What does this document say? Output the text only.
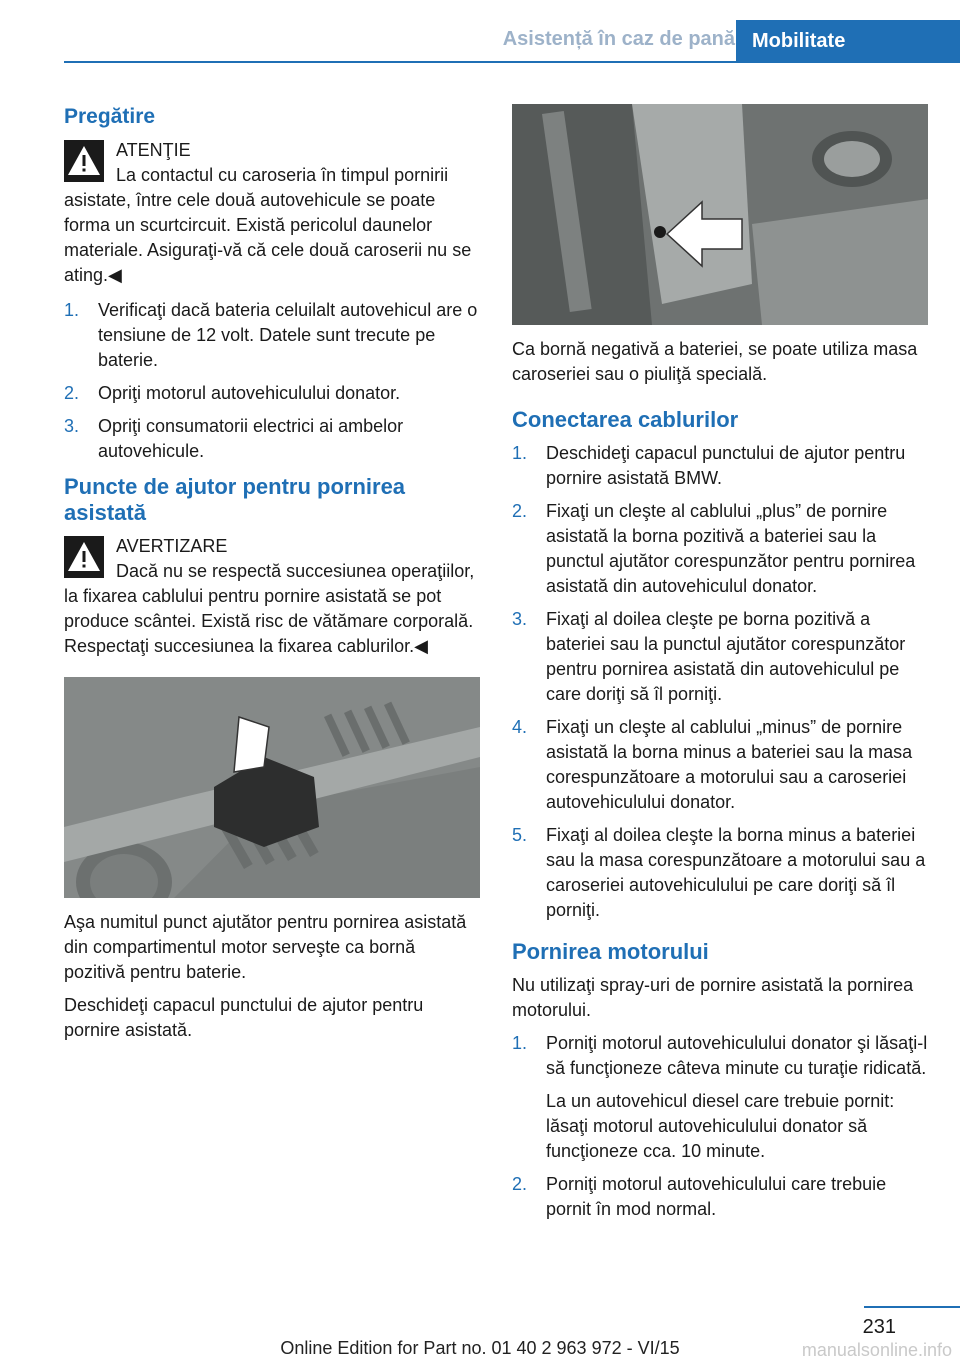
Asistență în caz de pană Mobilitate
Pregătire
ATENŢIE
La contactul cu caroseria în timpul pornirii asistate, între cele două autovehicule se poate forma un scurtcircuit. Există pericolul daunelor materiale. Asiguraţi-vă că cele două caroserii nu se ating.◀
1. Verificaţi dacă bateria celuilalt autovehicul are o tensiune de 12 volt. Datele sunt trecute pe baterie.
2. Opriţi motorul autovehiculului donator.
3. Opriţi consumatorii electrici ai ambelor autovehicule.
Puncte de ajutor pentru pornirea asistată
AVERTIZARE
Dacă nu se respectă succesiunea operaţiilor, la fixarea cablului pentru pornire asistată se pot produce scântei. Există risc de vătămare corporală. Respectaţi succesiunea la fixarea cablurilor.◀

Aşa numitul punct ajutător pentru pornirea asistată din compartimentul motor serveşte ca bornă pozitivă pentru baterie.

Deschideţi capacul punctului de ajutor pentru pornire asistată.

Ca bornă negativă a bateriei, se poate utiliza masa caroseriei sau o piuliţă specială.

Conectarea cablurilor
1. Deschideţi capacul punctului de ajutor pentru pornire asistată BMW.
2. Fixaţi un cleşte al cablului „plus” de pornire asistată la borna pozitivă a bateriei sau la punctul ajutător corespunzător pentru pornirea asistată din autovehiculul donator.
3. Fixaţi al doilea cleşte pe borna pozitivă a bateriei sau la punctul ajutător corespunzător pentru pornirea asistată din autovehiculul pe care doriţi să îl porniţi.
4. Fixaţi un cleşte al cablului „minus” de pornire asistată la borna minus a bateriei sau la masa corespunzătoare a motorului sau a caroseriei autovehiculului donator.
5. Fixaţi al doilea cleşte la borna minus a bateriei sau la masa corespunzătoare a motorului sau a caroseriei autovehiculului pe care doriţi să îl porniţi.
Pornirea motorului

Nu utilizaţi spray-uri de pornire asistată la pornirea motorului.

1. Porniţi motorul autovehiculului donator şi lăsaţi-l să funcţioneze câteva minute cu turaţie ridicată.
La un autovehicul diesel care trebuie pornit: lăsaţi motorul autovehiculului donator să funcţioneze cca. 10 minute.
2. Porniţi motorul autovehiculului care trebuie pornit în mod normal.
231
Online Edition for Part no. 01 40 2 963 972 - VI/15	manualsonline.info
